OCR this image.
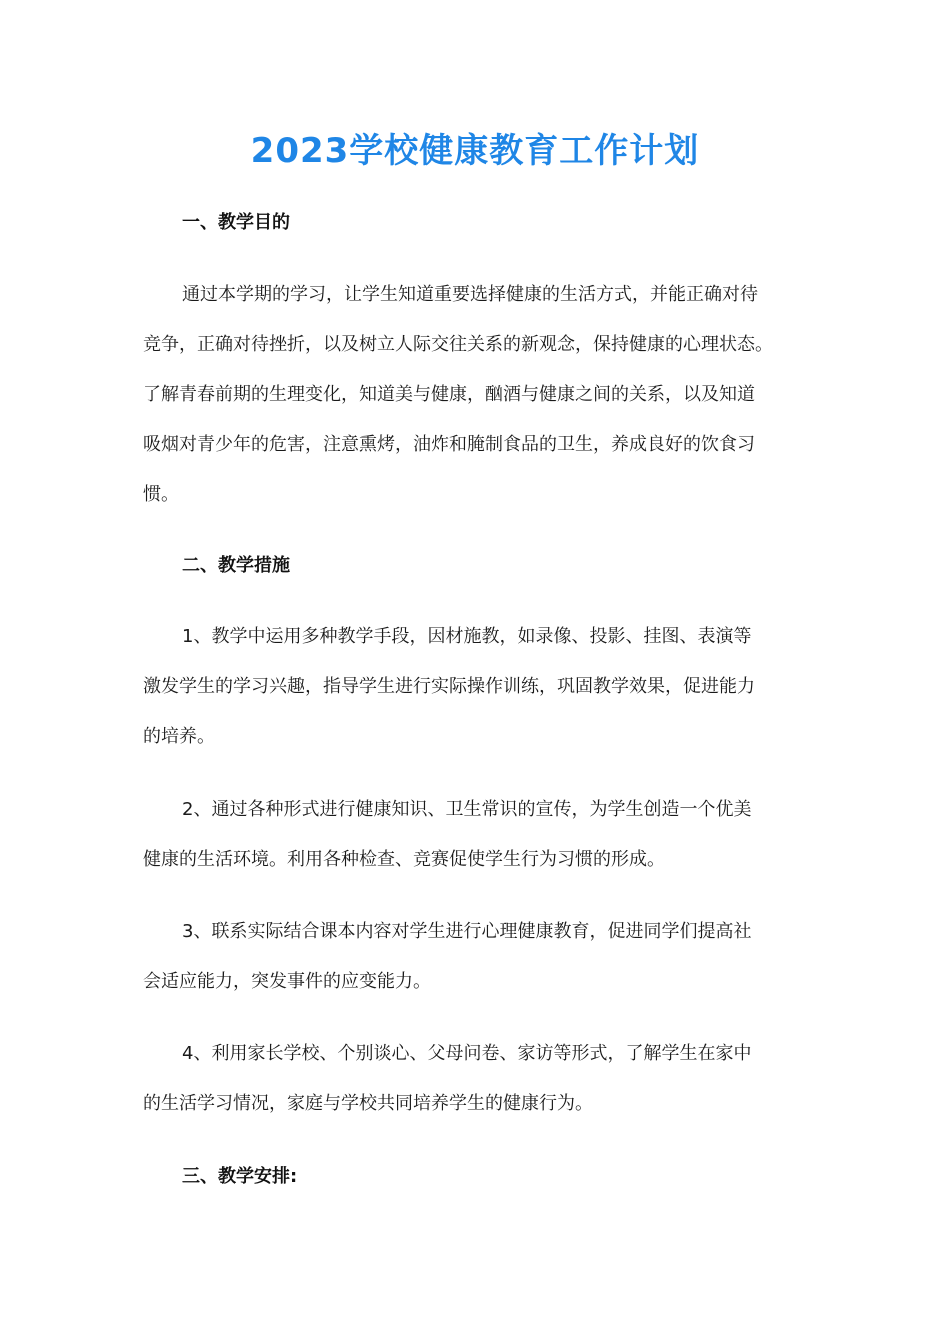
2023学校健康教育工作计划
一、教学目的
通过本学期的学习，让学生知道重要选择健康的生活方式，并能正确对待
竞争，正确对待挫折，以及树立人际交往关系的新观念，保持健康的心理状态。
了解青春前期的生理变化，知道美与健康，酗酒与健康之间的关系，以及知道
吸烟对青少年的危害，注意熏烤，油炸和腌制食品的卫生，养成良好的饮食习
惯。
二、教学措施
1、教学中运用多种教学手段，因材施教，如录像、投影、挂图、表演等
激发学生的学习兴趣，指导学生进行实际操作训练，巩固教学效果，促进能力
的培养。
2、通过各种形式进行健康知识、卫生常识的宣传，为学生创造一个优美
健康的生活环境。利用各种检查、竞赛促使学生行为习惯的形成。
3、联系实际结合课本内容对学生进行心理健康教育，促进同学们提高社
会适应能力，突发事件的应变能力。
4、利用家长学校、个别谈心、父母问卷、家访等形式，了解学生在家中
的生活学习情况，家庭与学校共同培养学生的健康行为。
三、教学安排:
